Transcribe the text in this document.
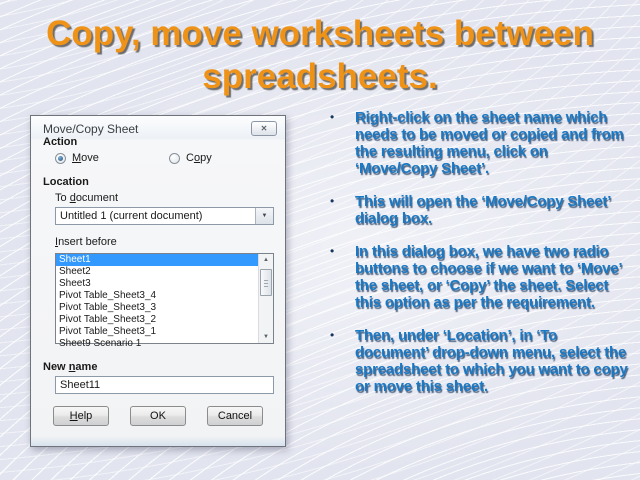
Copy, move worksheets between
spreadsheets.
Move/Copy Sheet	✕
Action
Move	Copy
Location
To document
Untitled 1 (current document)	▼
Insert before
Sheet1
Sheet2
Sheet3
Pivot Table_Sheet3_4
Pivot Table_Sheet3_3
Pivot Table_Sheet3_2
Pivot Table_Sheet3_1
Sheet9 Scenario 1
▲
▼
New name
Sheet11
Help	OK	Cancel
•	Right-click on the sheet name which needs to be moved or copied and from the resulting menu, click on ‘Move/Copy Sheet’.
•	This will open the ‘Move/Copy Sheet’ dialog box.
•	In this dialog box, we have two radio buttons to choose if we want to ‘Move’ the sheet, or ‘Copy’ the sheet. Select this option as per the requirement.
•	Then, under ‘Location’, in ‘To document’ drop-down menu, select the spreadsheet to which you want to copy or move this sheet.
